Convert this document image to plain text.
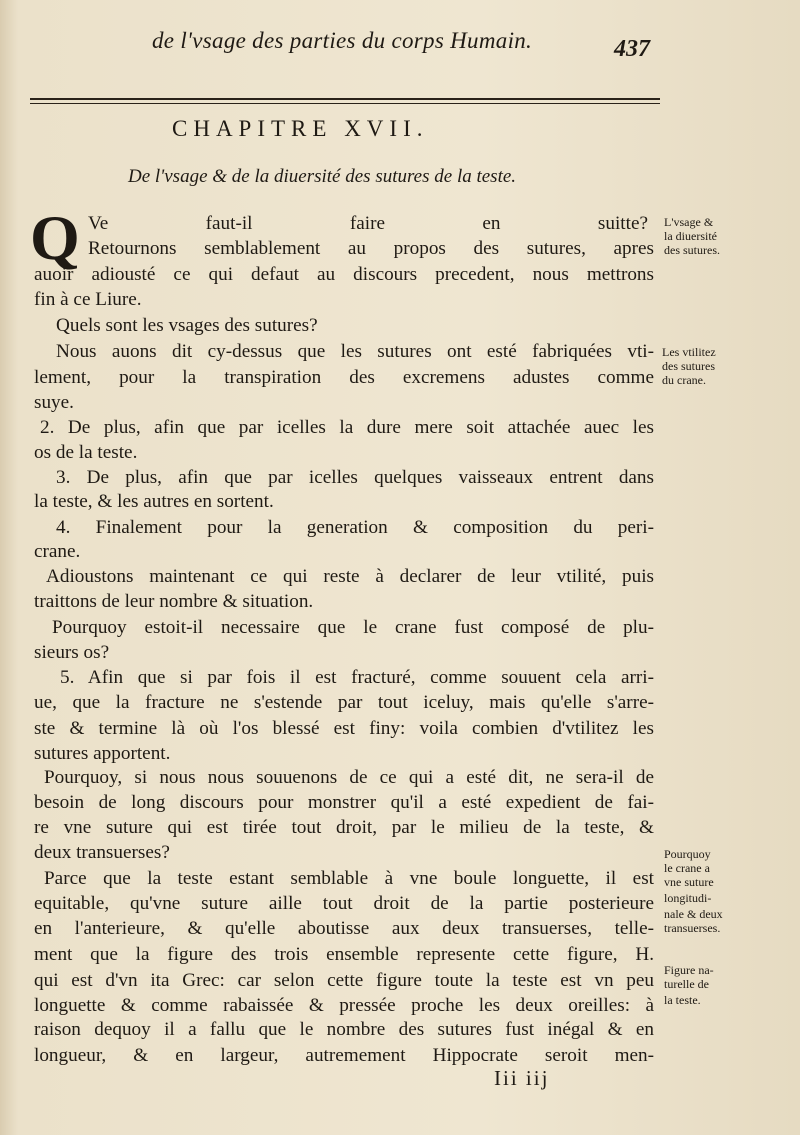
de l'vsage des parties du corps Humain.	437
CHAPITRE XVII.
De l'vsage & de la diuersité des sutures de la teste.
Q Ve faut-il faire en suitte?
Retournons semblablement au propos des sutures, apres
auoir adiousté ce qui defaut au discours precedent, nous mettrons
fin à ce Liure.
Quels sont les vsages des sutures?
Nous auons dit cy-dessus que les sutures ont esté fabriquées vti-
lement, pour la transpiration des excremens adustes comme
suye.
2. De plus, afin que par icelles la dure mere soit attachée auec les
os de la teste.
3. De plus, afin que par icelles quelques vaisseaux entrent dans
la teste, & les autres en sortent.
4. Finalement pour la generation & composition du peri-
crane.
Adioustons maintenant ce qui reste à declarer de leur vtilité, puis
traittons de leur nombre & situation.
Pourquoy estoit-il necessaire que le crane fust composé de plu-
sieurs os?
5. Afin que si par fois il est fracturé, comme souuent cela arri-
ue, que la fracture ne s'estende par tout iceluy, mais qu'elle s'arre-
ste & termine là où l'os blessé est finy: voila combien d'vtilitez les
sutures apportent.
Pourquoy, si nous nous souuenons de ce qui a esté dit, ne sera-il de
besoin de long discours pour monstrer qu'il a esté expedient de fai-
re vne suture qui est tirée tout droit, par le milieu de la teste, &
deux transuerses?
Parce que la teste estant semblable à vne boule longuette, il est
equitable, qu'vne suture aille tout droit de la partie posterieure
en l'anterieure, & qu'elle aboutisse aux deux transuerses, telle-
ment que la figure des trois ensemble represente cette figure, H.
qui est d'vn ita Grec: car selon cette figure toute la teste est vn peu
longuette & comme rabaissée & pressée proche les deux oreilles: à
raison dequoy il a fallu que le nombre des sutures fust inégal & en
longueur, & en largeur, autremement Hippocrate seroit men-
L'vsage &
la diuersité
des sutures.
Les vtilitez
des sutures
du crane.
Pourquoy
le crane a
vne suture
longitudi-
nale & deux
transuerses.
Figure na-
turelle de
la teste.
Iii iij
